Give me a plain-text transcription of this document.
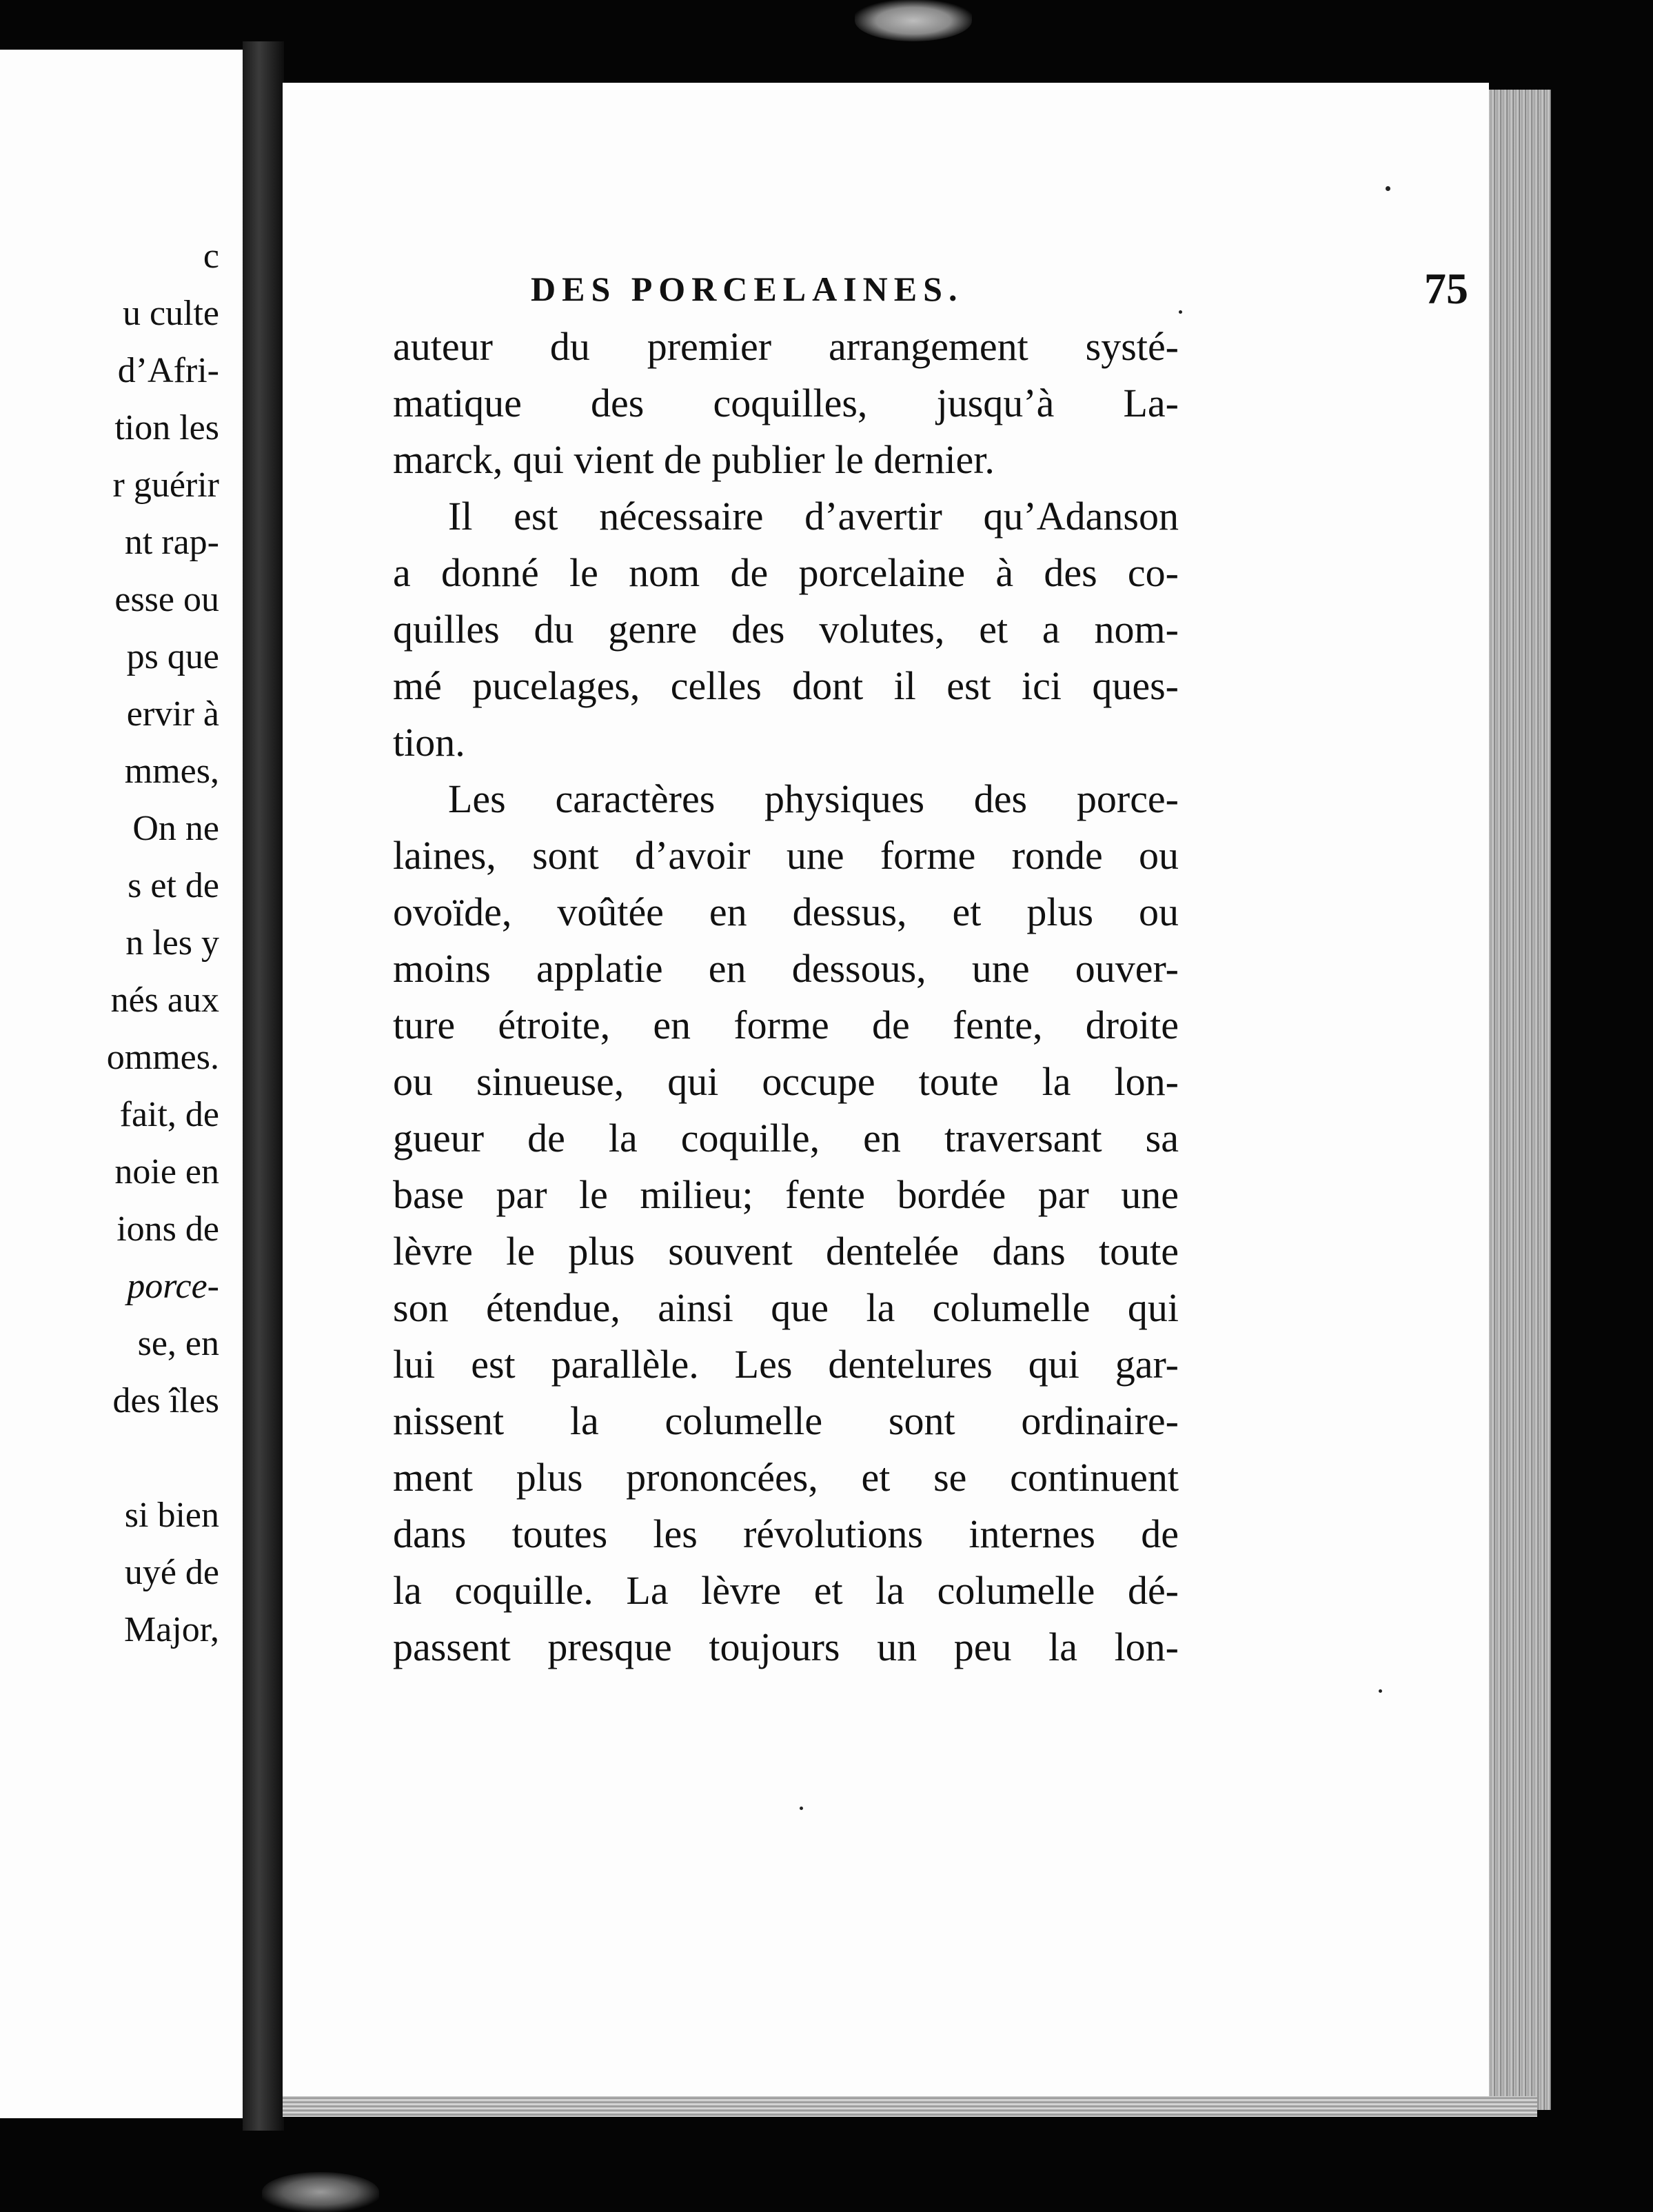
c
u culte
d’Afri-
tion les
r guérir
nt rap-
esse ou
ps que
ervir à
mmes,
On ne
s et de
n les y
nés aux
ommes.
fait, de
noie en
ions de
porce-
se, en
des îles
si bien
uyé de
Major,
DES PORCELAINES.	75
auteur du premier arrangement systé-
matique des coquilles, jusqu’à La-
marck, qui vient de publier le dernier.
Il est nécessaire d’avertir qu’Adanson
a donné le nom de porcelaine à des co-
quilles du genre des volutes, et a nom-
mé pucelages, celles dont il est ici ques-
tion.
Les caractères physiques des porce-
laines, sont d’avoir une forme ronde ou
ovoïde, voûtée en dessus, et plus ou
moins applatie en dessous, une ouver-
ture étroite, en forme de fente, droite
ou sinueuse, qui occupe toute la lon-
gueur de la coquille, en traversant sa
base par le milieu; fente bordée par une
lèvre le plus souvent dentelée dans toute
son étendue, ainsi que la columelle qui
lui est parallèle. Les dentelures qui gar-
nissent la columelle sont ordinaire-
ment plus prononcées, et se continuent
dans toutes les révolutions internes de
la coquille. La lèvre et la columelle dé-
passent presque toujours un peu la lon-
